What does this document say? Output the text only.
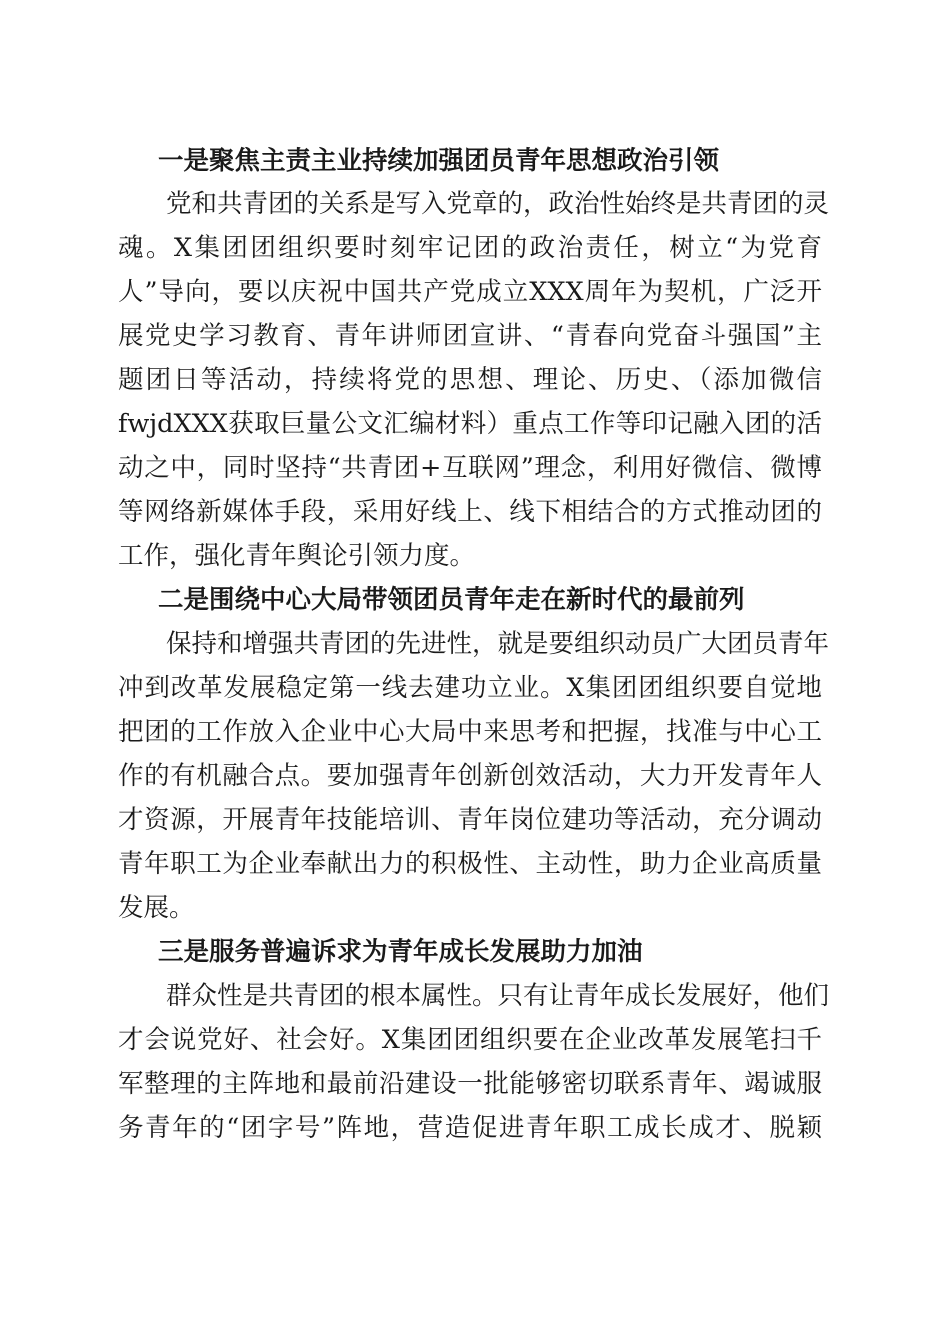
一是聚焦主责主业持续加强团员青年思想政治引领
党和共青团的关系是写入党章的，政治性始终是共青团的灵
魂。X集团团组织要时刻牢记团的政治责任，树立“为党育
人”导向，要以庆祝中国共产党成立XXX周年为契机，广泛开
展党史学习教育、青年讲师团宣讲、“青春向党奋斗强国”主
题团日等活动，持续将党的思想、理论、历史、（添加微信
fwjdXXX获取巨量公文汇编材料）重点工作等印记融入团的活
动之中，同时坚持“共青团+互联网”理念，利用好微信、微博
等网络新媒体手段，采用好线上、线下相结合的方式推动团的
工作，强化青年舆论引领力度。
二是围绕中心大局带领团员青年走在新时代的最前列
保持和增强共青团的先进性，就是要组织动员广大团员青年
冲到改革发展稳定第一线去建功立业。X集团团组织要自觉地
把团的工作放入企业中心大局中来思考和把握，找准与中心工
作的有机融合点。要加强青年创新创效活动，大力开发青年人
才资源，开展青年技能培训、青年岗位建功等活动，充分调动
青年职工为企业奉献出力的积极性、主动性，助力企业高质量
发展。
三是服务普遍诉求为青年成长发展助力加油
群众性是共青团的根本属性。只有让青年成长发展好，他们
才会说党好、社会好。X集团团组织要在企业改革发展笔扫千
军整理的主阵地和最前沿建设一批能够密切联系青年、竭诚服
务青年的“团字号”阵地，营造促进青年职工成长成才、脱颖
